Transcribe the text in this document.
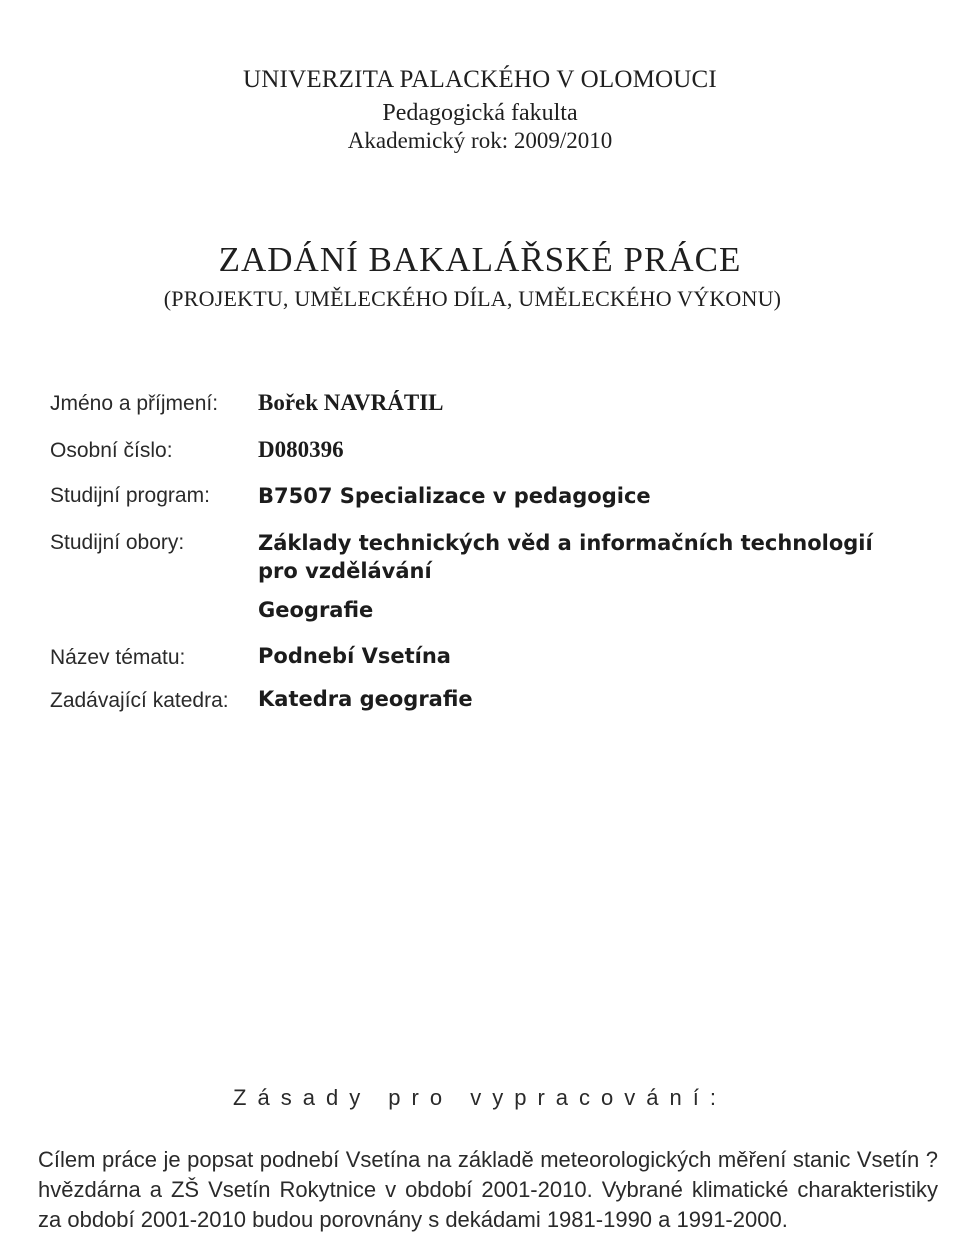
UNIVERZITA PALACKÉHO V OLOMOUCI
Pedagogická fakulta
Akademický rok: 2009/2010
ZADÁNÍ BAKALÁŘSKÉ PRÁCE
(PROJEKTU, UMĚLECKÉHO DÍLA, UMĚLECKÉHO VÝKONU)
Jméno a příjmení: Bořek NAVRÁTIL
Osobní číslo:	D080396
Studijní program: B7507 Specializace v pedagogice
Studijní obory:	Základy technických věd a informačních technologií pro vzdělávání
Geografie
Název tématu:	Podnebí Vsetína
Zadávající katedra: Katedra geografie
Zásady pro vypracování:
Cílem práce je popsat podnebí Vsetína na základě meteorologických měření stanic Vsetín ? hvězdárna a ZŠ Vsetín Rokytnice v období 2001-2010. Vybrané klimatické charakteristiky za období 2001-2010 budou porovnány s dekádami 1981-1990 a 1991-2000.
